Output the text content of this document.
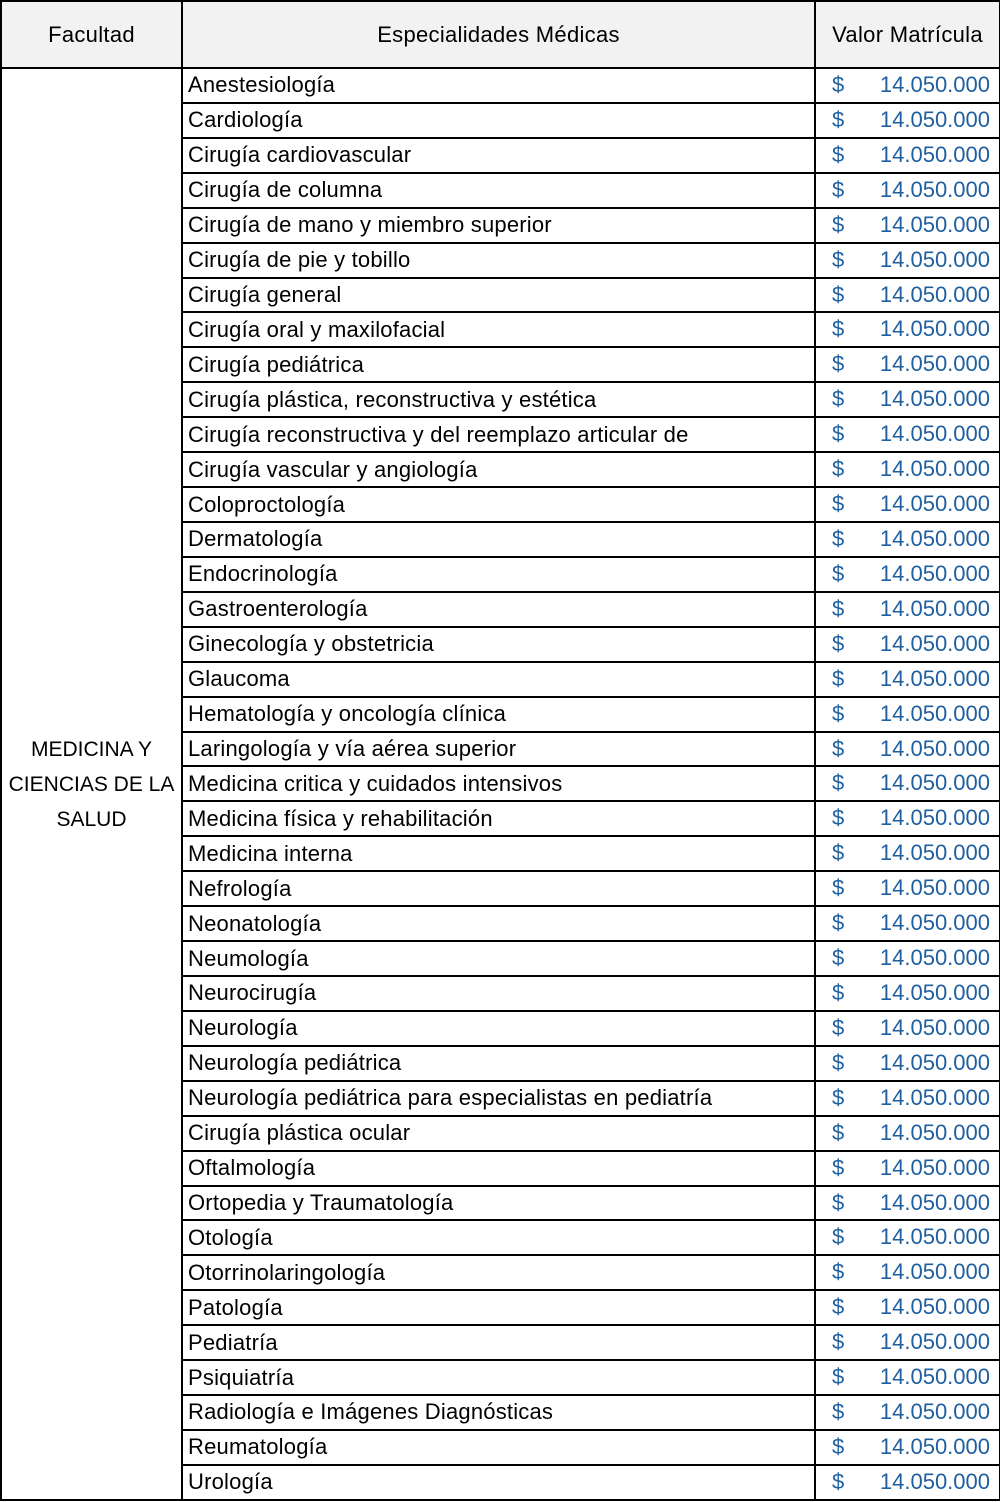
Facultad	Especialidades Médicas	Valor Matrícula
MEDICINA Y CIENCIAS DE LA SALUD	Anestesiología	$ 14.050.000

	Cardiología	$ 14.050.000

	Cirugía cardiovascular	$ 14.050.000

	Cirugía de columna	$ 14.050.000

	Cirugía de mano y miembro superior	$ 14.050.000

	Cirugía de pie y tobillo	$ 14.050.000

	Cirugía general	$ 14.050.000

	Cirugía oral y maxilofacial	$ 14.050.000

	Cirugía pediátrica	$ 14.050.000

	Cirugía plástica, reconstructiva y estética	$ 14.050.000

	Cirugía reconstructiva y del reemplazo articular de	$ 14.050.000

	Cirugía vascular y angiología	$ 14.050.000

	Coloproctología	$ 14.050.000

	Dermatología	$ 14.050.000

	Endocrinología	$ 14.050.000

	Gastroenterología	$ 14.050.000

	Ginecología y obstetricia	$ 14.050.000

	Glaucoma	$ 14.050.000

	Hematología y oncología clínica	$ 14.050.000

	Laringología y vía aérea superior	$ 14.050.000

	Medicina critica y cuidados intensivos	$ 14.050.000

	Medicina física y rehabilitación	$ 14.050.000

	Medicina interna	$ 14.050.000

	Nefrología	$ 14.050.000

	Neonatología	$ 14.050.000

	Neumología	$ 14.050.000

	Neurocirugía	$ 14.050.000

	Neurología	$ 14.050.000

	Neurología pediátrica	$ 14.050.000

	Neurología pediátrica para especialistas en pediatría	$ 14.050.000

	Cirugía plástica ocular	$ 14.050.000

	Oftalmología	$ 14.050.000

	Ortopedia y Traumatología	$ 14.050.000

	Otología	$ 14.050.000

	Otorrinolaringología	$ 14.050.000

	Patología	$ 14.050.000

	Pediatría	$ 14.050.000

	Psiquiatría	$ 14.050.000

	Radiología e Imágenes Diagnósticas	$ 14.050.000

	Reumatología	$ 14.050.000

	Urología	$ 14.050.000
